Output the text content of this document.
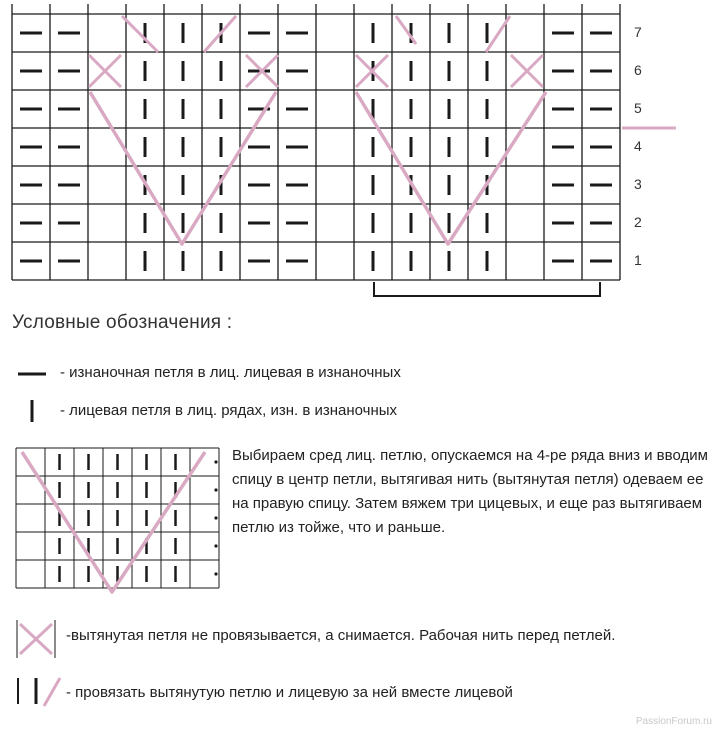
7
6
5
4
3
2
1
Условные обозначения :
- изнаночная петля в лиц. лицевая в изнаночных
- лицевая петля в лиц. рядах, изн. в изнаночных
Выбираем сред лиц. петлю, опускаемся на 4-ре ряда вниз и вводим спицу в центр петли, вытягивая нить (вытянутая петля) одеваем ее на правую спицу. Затем вяжем три цицевых, и еще раз вытягиваем петлю из тойже, что и раньше.
-вытянутая петля не провязывается, а снимается. Рабочая нить перед петлей.
- провязать вытянутую петлю и лицевую за ней вместе лицевой
PassionForum.ru
